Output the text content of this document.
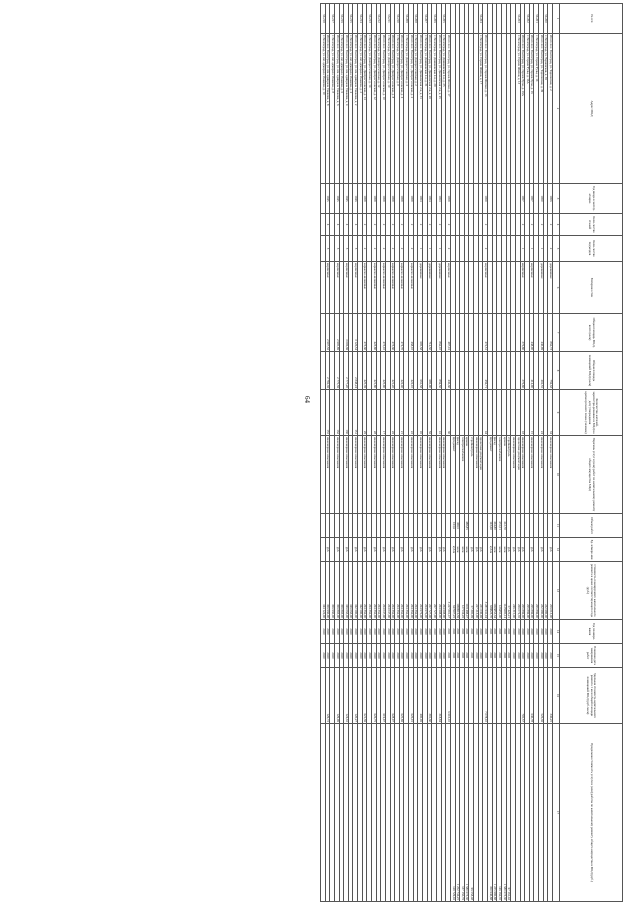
64
№ п/п	Адрес МКД	Год ввода в эксплу-атацию	Коли-чество этажей	Коли-чество подъездов	Материал стен	Общая площадь МКД, всего (кв.м)	Общая площадь помещений МКД (кв.м)	Количество жителей, зарегистри-рованных в МКД на дату утверждения краткосрочного плана (человек)	Перечень услуг и (или) работ по капитальному ремонту общего имущества МКД	Объем работ	Ед. измере-ния	Стоимость планируемого капитального ремонта в ценах соответствующего года (руб.)	Год планиро-вания	Плановая дата завершения работ	Удельная стоимость капитального ремонта 1 кв.м общей площади помещений МКД (руб./кв.м)	Предельная стоимость услуги и (или) работы по капитальному ремонту общего имущества в МКД (руб.)
1	2	3	4	5	6	7	8	9	10	11	12	13	14	15	16	17
	Итого пос. Волгоград, ул. Тарновская, д. 2	1956	2	2	деревянные	862,73	759,63	34	инженерные изыскания		руб.	256 013,00	2020	2020	346,25	
56.200	г. Волгоград, ул. Тарновская, д. 39											232 680,00	2020	2020		
	Итого пос. Волгоград, ул. Тарновская, д. 39	1950	2	1	деревянные	440,99	402,55	24	инженерные изыскания		руб.	232 680,00	2020	2020	526,36	
56.201	г. Волгоград, ул. Героев Тулы, д. 16											265 869,00	2020	2020		
	Итого пос. Волгоград, ул. Героев Тулы, д. 16	1957	2	1	кирпичные	448,00	414,90	15	инженерные изыскания		руб.	265 869,00	2020	2020	640,78	
56.202	г. Волгоград, ул. Героев Тулы, д. 16А											265 869,00	2020	2020		
	Итого пос. Волгоград, ул. Героев Тулы, д. 16А	1957	2	1	кирпичные	376,80	376,80	18	инженерные изыскания		руб.	265 869,00	2020	2020	705,57	
56.203	г. Волгоград, ул. Героев Шипки, д. 13								проектная документация		руб.	266 072,35	2020	2020		
									инженерные изыскания		руб.	246 315,00	2020	2020		
									стройконтроль		руб.	57 426,21	2021	2021		97 161,42
									крыша	412,70	кв.м	1125995,14	2021	2021		1 580 673,30
									электроснабжение	472,51	кв.м	126455,00	2021	2021		146 162,35
									фасад	464,80	кв.м	1066853,64	2021	2021		1 235 980,88
									фундамент	103,60	куб.м	339823,70	2021	2021		350 940,88
	Итого пос. Волгоград, ул. Героев Шипки, д. 13	1959	2	2	кирпичные	472,51	459,71	44				3 281 941,04	2021	2021	7 078,10	
56.204	г. Волгоград, ул. Героев Шипки, д. 17								проектная документация		руб.	231 030,96	2020	2020		
									инженерные изыскания		руб.	227 213,00	2020	2020		
									стройконтроль		руб.	57 395,09	2021	2021		96 558,48
									крыша	488,85	кв.м	1101488,47	2021	2021		1 580 673,30
									электроснабжение		кв.м	127134,26	2021	2021		137 150,76
									фасад	469,5	кв.м	1099916,59	2021	2021		1 252 744,25
									фундамент	103,6	куб.м	347697,25	2021	2021		129 729,02
	Итого пос. Волгоград, ул. Героев Шипки, д. 17	1958	2	2	кирпичные	487,16	446,60	30				3 227 891,47	2021	2021	6 610,10	
56.205	г. Волгоград, ул. Двинковская 2-я, д. 25								инженерные изыскания		руб.	264 608,00	2020	2020		
	Итого пос. Волгоград, ул. Двинковская 2-я, д. 25	1953	2	1	деревянные	862,10	859,50	41	инженерные изыскания		руб.	264 608,00	2020	2020	318,84	
56.206	г. Волгоград, ул. Двинковская 2-я, д. 29											267 727,00	2020	2020		
	Итого пос. Волгоград, ул. Двинковская 2-я, д. 29	1954	2	1	деревянные	712,50	685,90	56	инженерные изыскания		руб.	267 727,00	2020	2020	391,60	
56.207	г. Волгоград, ул. Двинковская 2-я, д. 31											264 976,00	2020	2020		
	Итого пос. Волгоград, ул. Двинковская 2-я, д. 31	1954	2	1	деревянные	695,58	661,58	45	инженерные изыскания		руб.	264 976,00	2020	2020	400,06	
56.208	г. Волгоград, ул. Днепрогэсовская, д. 2											264 362,00	2020	2020		
	Итого пос. Волгоград, ул. Днепрогэсовская, д. 2	1958	2	2	каркасно-шлаковые	468,10	422,10	22	инженерные изыскания		руб.	264 362,00	2020	2020	626,01	
56.209	г. Волгоград, ул. Днепрогэсовская, д. 4											264 362,00	2020	2020		
	Итого пос. Волгоград, ул. Днепрогэсовская, д. 4	1958	2	2	каркасно-шлаковые	474,70	422,40	21	инженерные изыскания		руб.	264 362,00	2020	2020	625,86	
56.210	г. Волгоград, ул. Днепрогэсовская, д. 8											264 362,00	2020	2020		
	Итого пос. Волгоград, ул. Днепрогэсовская, д. 8	1958	2	2	каркасно-шлаковые	473,60	421,20	26	инженерные изыскания		руб.	264 362,00	2020	2020	628,07	
56.211	г. Волгоград, ул. Днепрогэсовская, д. 10											264 047,00	2020	2020		
	Итого пос. Волгоград, ул. Днепрогэсовская, д. 10	1958	2	2	каркасно-шлаковые	473,10	425,90	17	инженерные изыскания		руб.	264 047,00	2020	2020	619,97	
56.212	г. Волгоград, ул. Днепрогэсовская, д. 12											264 362,00	2020	2020		
	Итого пос. Волгоград, ул. Днепрогэсовская, д. 12	1958	2	2	каркасно-шлаковые	423,80	421,80	28	инженерные изыскания		руб.	264 362,00	2020	2020	626,75	
56.213	г. Волгоград, ул. Днепрогэсовская, д. 14											264 362,00	2020	2020		
	Итого пос. Волгоград, ул. Днепрогэсовская, д. 14	1958	2	2	каркасно-шлаковые	473,60	425,39	29	инженерные изыскания		руб.	264 362,00	2020	2020	621,59	
56.214	г. Волгоград, ул. им. адмирала Ушакова, д. 2											342 590,00	2020	2020		
	Итого пос. Волгоград, ул. им. адмирала Ушакова, д. 2	1946	4	5	кирпичные	3 126,54	2 848,24	151	инженерные изыскания		руб.	342 590,00	2020	2020	120,27	
56.215	г. Волгоград, ул. им. адмирала Ушакова, д. 4											346 063,00	2020	2020		
	Итого пос. Волгоград, ул. им. адмирала Ушакова, д. 4	1945	4	5	кирпичные	3 006,69	2 777,20	130	инженерные изыскания		руб.	346 063,00	2020	2020	124,61	
56.216	г. Волгоград, ул. им. адмирала Ушакова, д. 6											366 893,00	2020	2020		
	Итого пос. Волгоград, ул. им. адмирала Ушакова, д. 6	1945	4	5	кирпичные	2 995,89	2 775,59	162	инженерные изыскания		руб.	366 893,00	2020	2020	129,99	
56.217	г. Волгоград, ул. им. адмирала Ушакова, д. 8											366 960,00	2020	2020		
	Итого пос. Волгоград, ул. им. адмирала Ушакова, д. 8	1945	4	5	кирпичные	2 997,56	2 782,36	155	инженерные изыскания		руб.	366 960,00	2020	2020	129,72	
56.218	г. Волгоград, ул. им. адмирала Ушакова, д. 10											344 122,00	2020	2020		
